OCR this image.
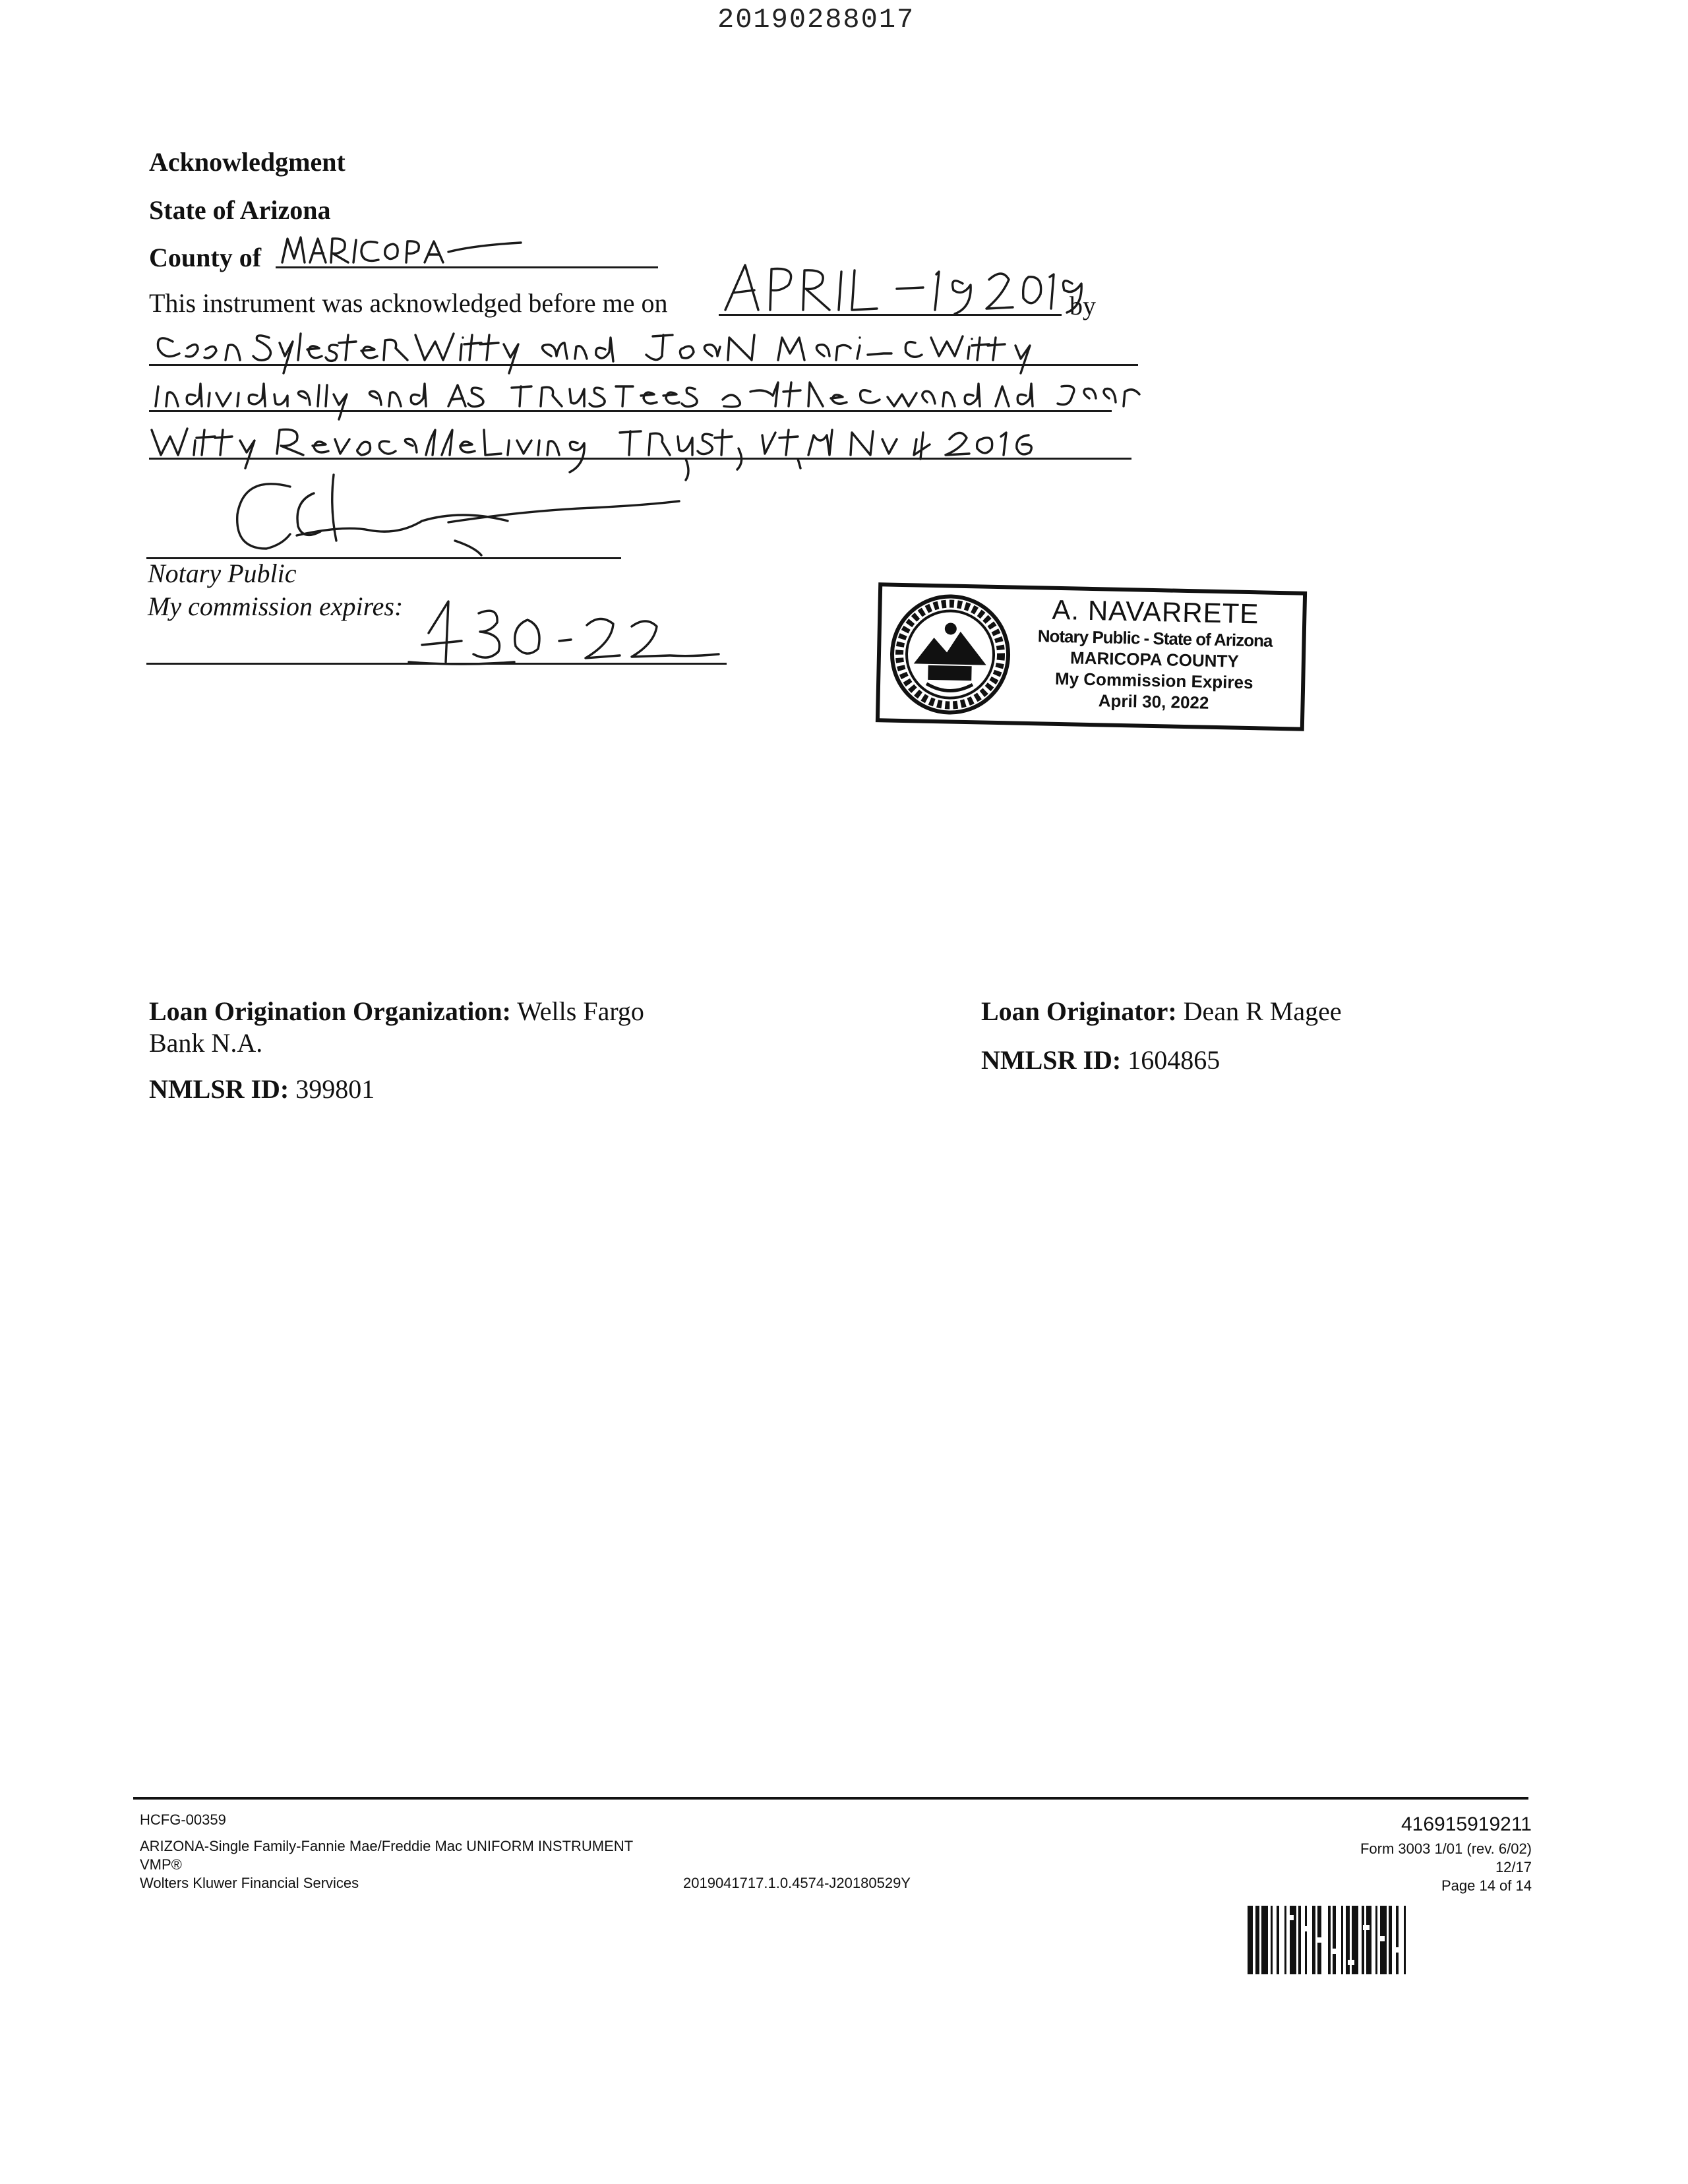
20190288017
Acknowledgment
State of Arizona
County of
This instrument was acknowledged before me on	by
Notary Public
My commission expires:	A. NAVARRETE
Notary Public - State of Arizona
MARICOPA COUNTY
My Commission Expires
April 30, 2022
Loan Origination Organization: Wells Fargo
Bank N.A.
NMLSR ID: 399801
Loan Originator: Dean R Magee
NMLSR ID: 1604865
HCFG-00359
ARIZONA-Single Family-Fannie Mae/Freddie Mac UNIFORM INSTRUMENT
VMP®
Wolters Kluwer Financial Services	2019041717.1.0.4574-J20180529Y
416915919211
Form 3003 1/01 (rev. 6/02)
12/17
Page 14 of 14
